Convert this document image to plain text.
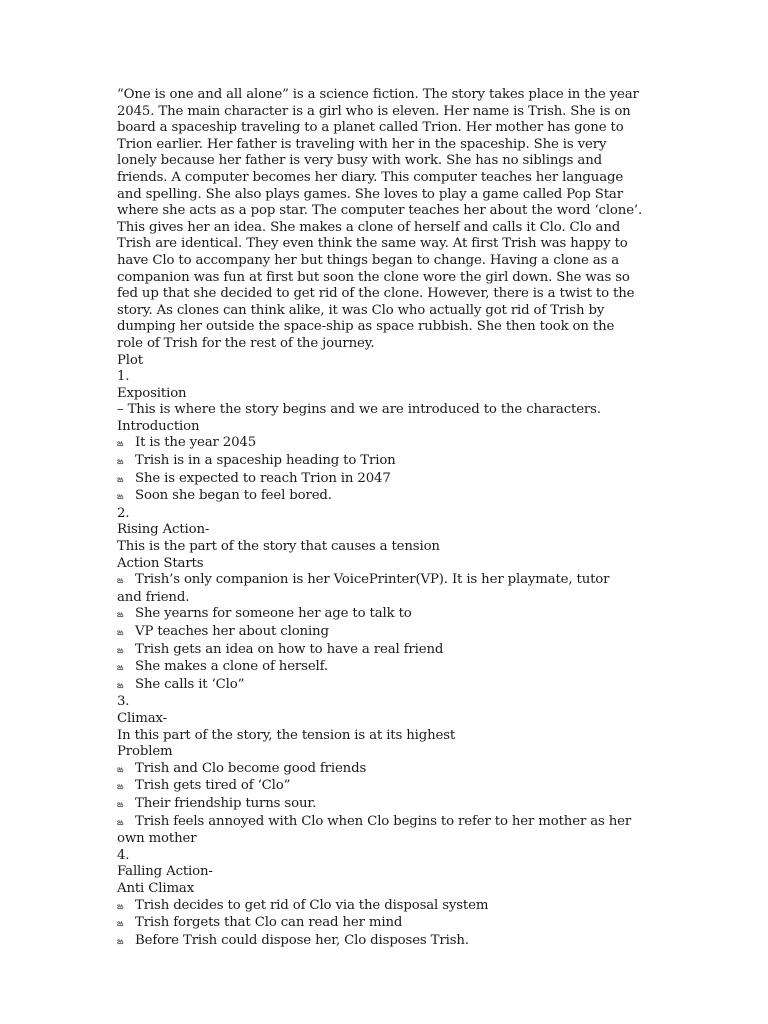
“One is one and all alone” is a science fiction. The story takes place in the year
2045. The main character is a girl who is eleven. Her name is Trish. She is on
board a spaceship traveling to a planet called Trion. Her mother has gone to
Trion earlier. Her father is traveling with her in the spaceship. She is very
lonely because her father is very busy with work. She has no siblings and
friends. A computer becomes her diary. This computer teaches her language
and spelling. She also plays games. She loves to play a game called Pop Star
where she acts as a pop star. The computer teaches her about the word ‘clone’.
This gives her an idea. She makes a clone of herself and calls it Clo. Clo and
Trish are identical. They even think the same way. At first Trish was happy to
have Clo to accompany her but things began to change. Having a clone as a
companion was fun at first but soon the clone wore the girl down. She was so
fed up that she decided to get rid of the clone. However, there is a twist to the
story. As clones can think alike, it was Clo who actually got rid of Trish by
dumping her outside the space-ship as space rubbish. She then took on the
role of Trish for the rest of the journey.
Plot
1.
Exposition
– This is where the story begins and we are introduced to the characters.
Introduction
ఙ It is the year 2045
ఙ Trish is in a spaceship heading to Trion
ఙ She is expected to reach Trion in 2047
ఙ Soon she began to feel bored.
2.
Rising Action-
This is the part of the story that causes a tension
Action Starts
ఙ Trish’s only companion is her VoicePrinter(VP). It is her playmate, tutor
and friend.
ఙ She yearns for someone her age to talk to
ఙ VP teaches her about cloning
ఙ Trish gets an idea on how to have a real friend
ఙ She makes a clone of herself.
ఙ She calls it ‘Clo”
3.
Climax-
In this part of the story, the tension is at its highest
Problem
ఙ Trish and Clo become good friends
ఙ Trish gets tired of ‘Clo”
ఙ Their friendship turns sour.
ఙ Trish feels annoyed with Clo when Clo begins to refer to her mother as her
own mother
4.
Falling Action-
Anti Climax
ఙ Trish decides to get rid of Clo via the disposal system
ఙ Trish forgets that Clo can read her mind
ఙ Before Trish could dispose her, Clo disposes Trish.
